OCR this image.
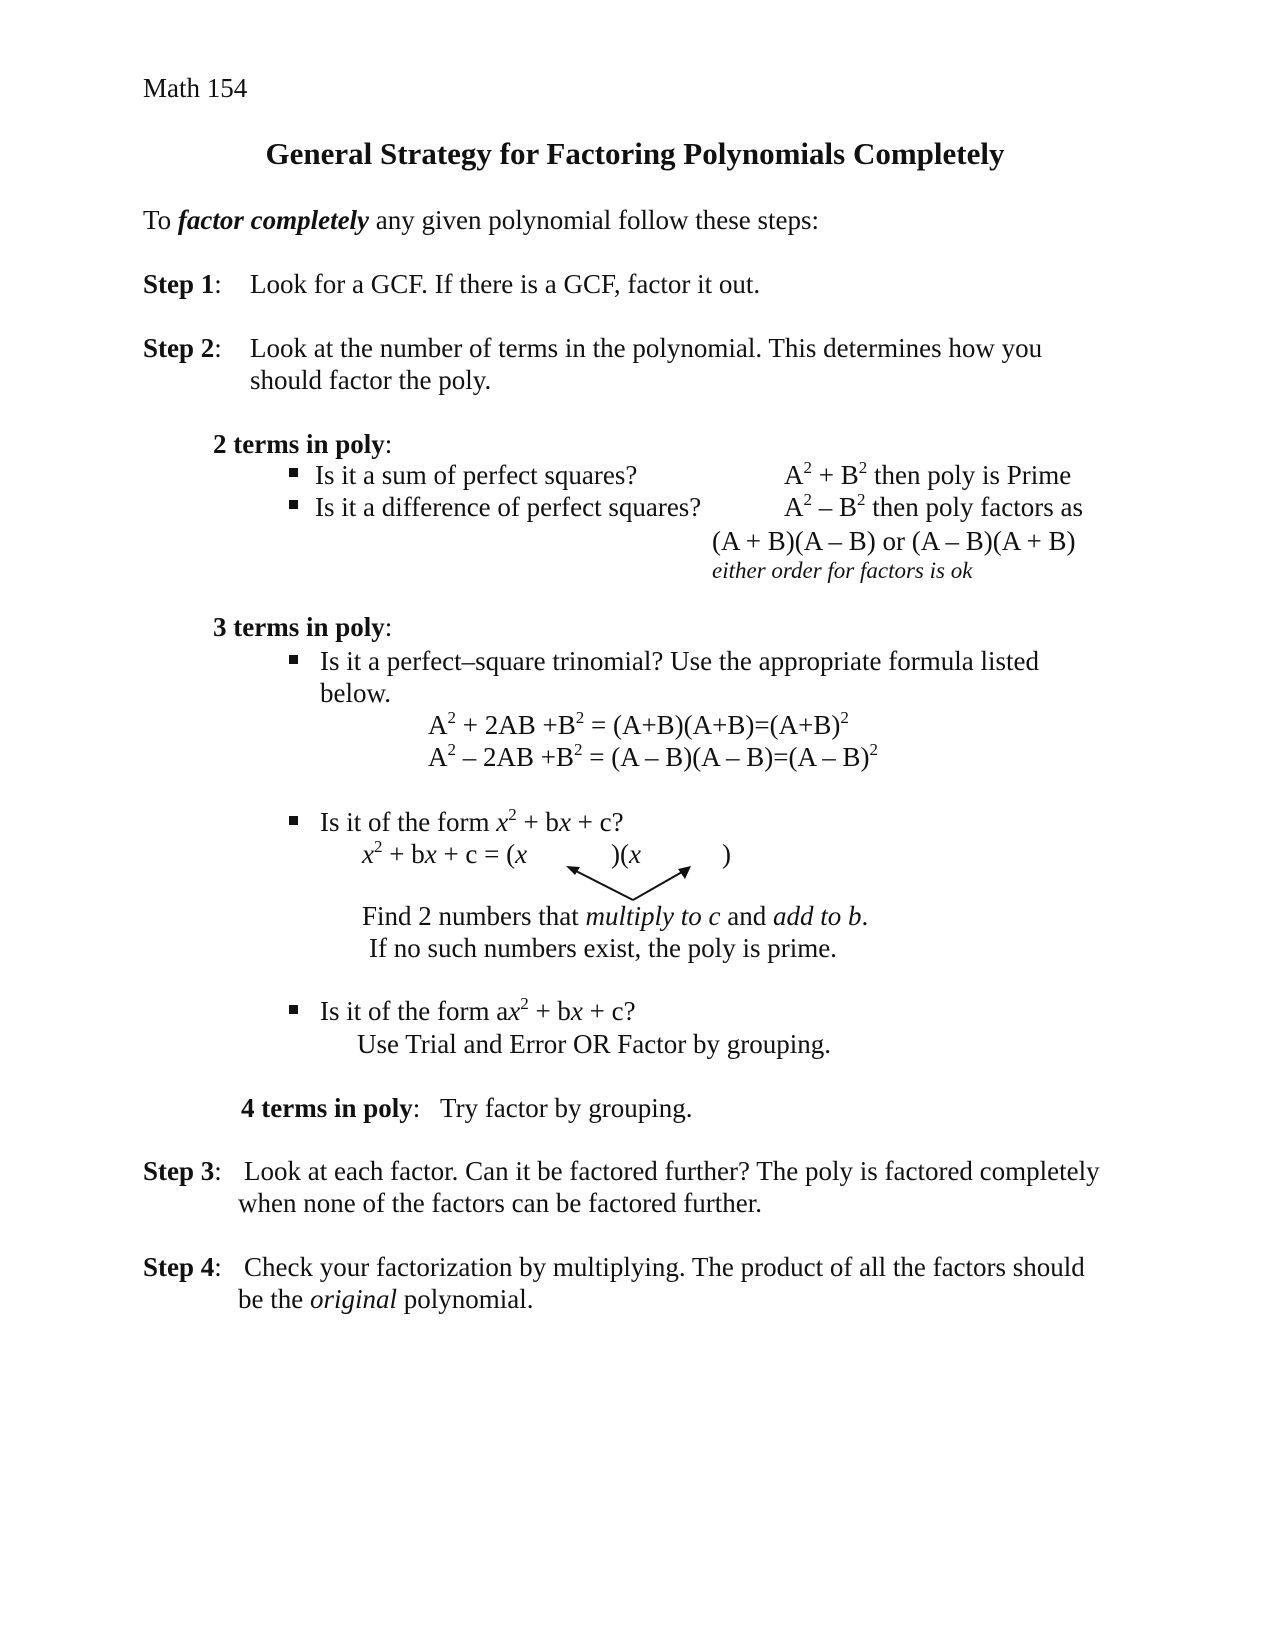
Math 154
General Strategy for Factoring Polynomials Completely
To factor completely any given polynomial follow these steps:
Step 1: Look for a GCF. If there is a GCF, factor it out.
Step 2: Look at the number of terms in the polynomial. This determines how you
should factor the poly.
2 terms in poly:
Is it a sum of perfect squares?	$A^2 + B^2$ then poly is Prime
Is it a difference of perfect squares?	$A^2 - B^2$ then poly factors as
(A + B)(A – B) or (A – B)(A + B)
either order for factors is ok
3 terms in poly:
Is it a perfect–square trinomial? Use the appropriate formula listed
below.
$A^2 + 2AB +B^2 = (A+B)(A+B)=(A+B)^2$
$A^2 - 2AB +B^2 = (A - B)(A - B)=(A - B)^2$
Is it of the form $x^2$ + bx + c?
$x^2$ + bx + c = (x	)(x	)
Find 2 numbers that multiply to c and add to b.
If no such numbers exist, the poly is prime.
Is it of the form $ax^2$ + bx + c?
Use Trial and Error OR Factor by grouping.
4 terms in poly: Try factor by grouping.
Step 3: Look at each factor. Can it be factored further? The poly is factored completely
when none of the factors can be factored further.
Step 4: Check your factorization by multiplying. The product of all the factors should
be the original polynomial.
